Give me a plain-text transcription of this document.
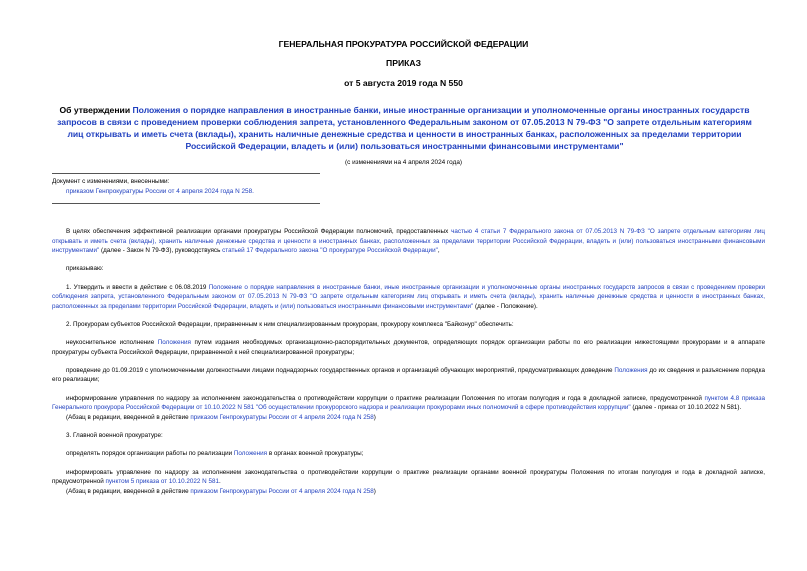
ГЕНЕРАЛЬНАЯ ПРОКУРАТУРА РОССИЙСКОЙ ФЕДЕРАЦИИ
ПРИКАЗ
от 5 августа 2019 года N 550
Об утверждении Положения о порядке направления в иностранные банки, иные иностранные организации и уполномоченные органы иностранных государств запросов в связи с проведением проверки соблюдения запрета, установленного Федеральным законом от 07.05.2013 N 79-ФЗ "О запрете отдельным категориям лиц открывать и иметь счета (вклады), хранить наличные денежные средства и ценности в иностранных банках, расположенных за пределами территории Российской Федерации, владеть и (или) пользоваться иностранными финансовыми инструментами"
(с изменениями на 4 апреля 2024 года)
Документ с изменениями, внесенными:
приказом Генпрокуратуры России от 4 апреля 2024 года N 258.

В целях обеспечения эффективной реализации органами прокуратуры Российской Федерации полномочий, предоставленных частью 4 статьи 7 Федерального закона от 07.05.2013 N 79-ФЗ "О запрете отдельным категориям лиц открывать и иметь счета (вклады), хранить наличные денежные средства и ценности в иностранных банках, расположенных за пределами территории Российской Федерации, владеть и (или) пользоваться иностранными финансовыми инструментами" (далее - Закон N 79-ФЗ), руководствуясь статьей 17 Федерального закона "О прокуратуре Российской Федерации",

приказываю:

1. Утвердить и ввести в действие с 06.08.2019 Положение о порядке направления в иностранные банки, иные иностранные организации и уполномоченные органы иностранных государств запросов в связи с проведением проверки соблюдения запрета, установленного Федеральным законом от 07.05.2013 N 79-ФЗ "О запрете отдельным категориям лиц открывать и иметь счета (вклады), хранить наличные денежные средства и ценности в иностранных банках, расположенных за пределами территории Российской Федерации, владеть и (или) пользоваться иностранными финансовыми инструментами" (далее - Положение).

2. Прокурорам субъектов Российской Федерации, приравненным к ним специализированным прокурорам, прокурору комплекса "Байконур" обеспечить:

неукоснительное исполнение Положения путем издания необходимых организационно-распорядительных документов, определяющих порядок организации работы по его реализации нижестоящими прокурорами и в аппарате прокуратуры субъекта Российской Федерации, приравненной к ней специализированной прокуратуры;

проведение до 01.09.2019 с уполномоченными должностными лицами поднадзорных государственных органов и организаций обучающих мероприятий, предусматривающих доведение Положения до их сведения и разъяснение порядка его реализации;

информирование управления по надзору за исполнением законодательства о противодействии коррупции о практике реализации Положения по итогам полугодия и года в докладной записке, предусмотренной пунктом 4.8 приказа Генерального прокурора Российской Федерации от 10.10.2022 N 581 "Об осуществлении прокурорского надзора и реализации прокурорами иных полномочий в сфере противодействия коррупции" (далее - приказ от 10.10.2022 N 581).

(Абзац в редакции, введенной в действие приказом Генпрокуратуры России от 4 апреля 2024 года N 258)

3. Главной военной прокуратуре:

определять порядок организации работы по реализации Положения в органах военной прокуратуры;

информировать управление по надзору за исполнением законодательства о противодействии коррупции о практике реализации органами военной прокуратуры Положения по итогам полугодия и года в докладной записке, предусмотренной пунктом 5 приказа от 10.10.2022 N 581.

(Абзац в редакции, введенной в действие приказом Генпрокуратуры России от 4 апреля 2024 года N 258)
